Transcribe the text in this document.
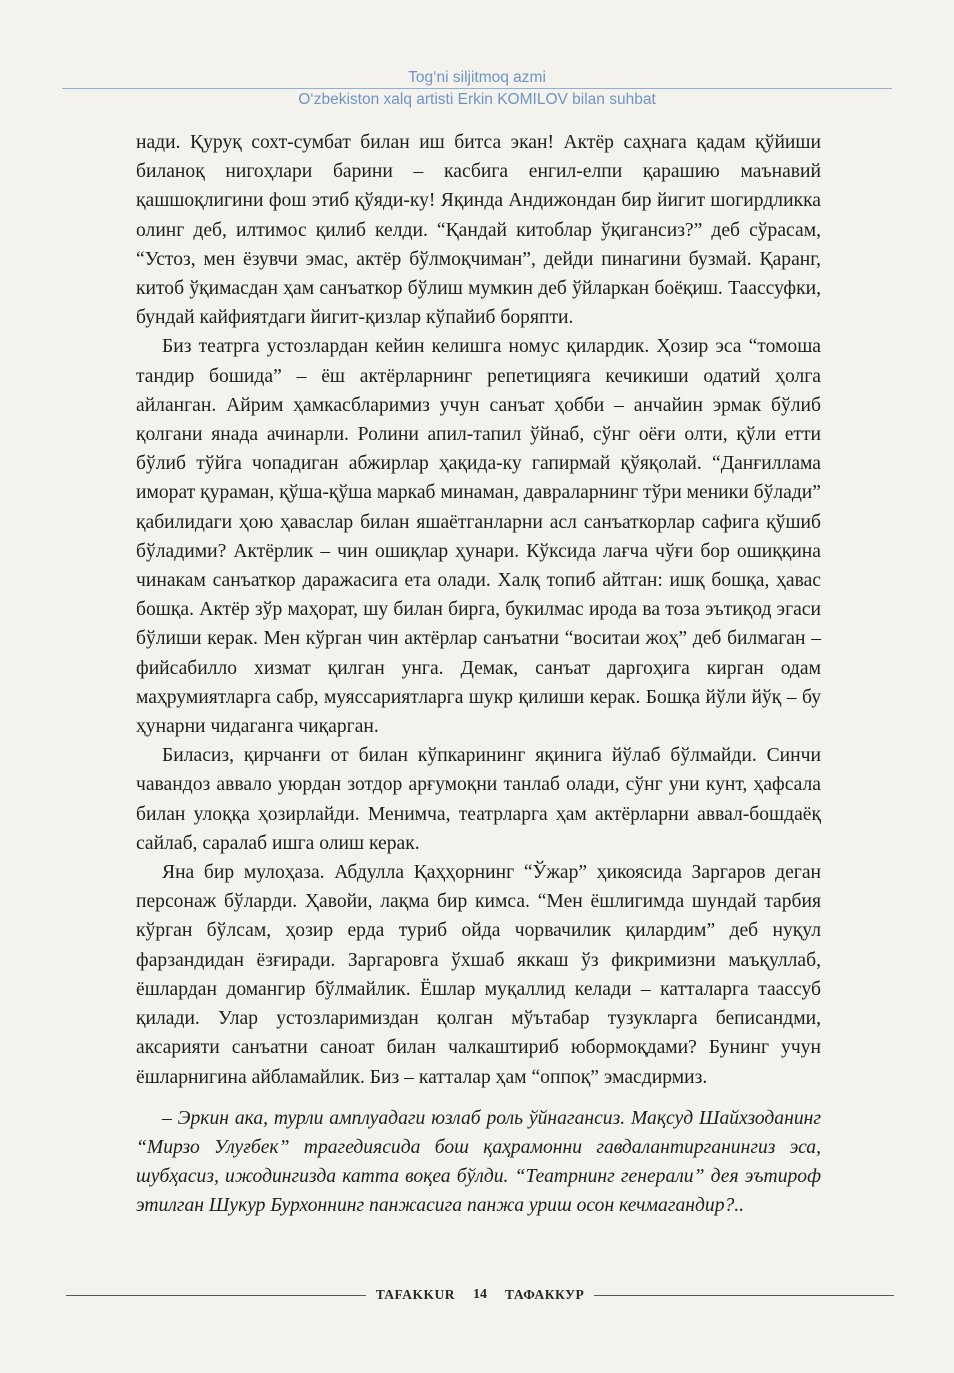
Tog‘ni siljitmoq azmi
O‘zbekiston xalq artisti Erkin KOMILOV bilan suhbat

нади. Қуруқ сохт-сумбат билан иш битса экан! Актёр саҳнага қадам қўйиши биланоқ нигоҳлари барини – касбига енгил-елпи қарашию маънавий қашшоқлигини фош этиб қўяди-ку! Яқинда Андижондан бир йигит шогирдликка олинг деб, илтимос қилиб келди. “Қандай китоблар ўқигансиз?” деб сўрасам, “Устоз, мен ёзувчи эмас, актёр бўлмоқчиман”, дейди пинагини бузмай. Қаранг, китоб ўқимасдан ҳам санъаткор бўлиш мумкин деб ўйларкан боёқиш. Таассуфки, бундай кайфиятдаги йигит-қизлар кўпайиб боряпти.

Биз театрга устозлардан кейин келишга номус қилардик. Ҳозир эса “томоша тандир бошида” – ёш актёрларнинг репетицияга кечикиши одатий ҳолга айланган. Айрим ҳамкасбларимиз учун санъат ҳобби – анчайин эрмак бўлиб қолгани янада ачинарли. Ролини апил-тапил ўйнаб, сўнг оёғи олти, қўли етти бўлиб тўйга чопадиган абжирлар ҳақида-ку гапирмай қўяқолай. “Данғиллама иморат қураман, қўша-қўша маркаб минаман, давраларнинг тўри меники бўлади” қабилидаги ҳою ҳаваслар билан яшаётганларни асл санъаткорлар сафига қўшиб бўладими? Актёрлик – чин ошиқлар ҳунари. Кўксида лағча чўғи бор ошиққина чинакам санъаткор даражасига ета олади. Халқ топиб айтган: ишқ бошқа, ҳавас бошқа. Актёр зўр маҳорат, шу билан бирга, букилмас ирода ва тоза эътиқод эгаси бўлиши керак. Мен кўрган чин актёрлар санъатни “воситаи жоҳ” деб билмаган – фийсабилло хизмат қилган унга. Демак, санъат даргоҳига кирган одам маҳрумиятларга сабр, муяссариятларга шукр қилиши керак. Бошқа йўли йўқ – бу ҳунарни чидаганга чиқарган.

Биласиз, қирчанғи от билан кўпкарининг яқинига йўлаб бўлмайди. Синчи чавандоз аввало уюрдан зотдор арғумоқни танлаб олади, сўнг уни кунт, ҳафсала билан улоққа ҳозирлайди. Менимча, театрларга ҳам актёрларни аввал-бошдаёқ сайлаб, саралаб ишга олиш керак.

Яна бир мулоҳаза. Абдулла Қаҳҳорнинг “Ўжар” ҳикоясида Заргаров деган персонаж бўларди. Ҳавойи, лақма бир кимса. “Мен ёшлигимда шундай тарбия кўрган бўлсам, ҳозир ерда туриб ойда чорвачилик қилардим” деб нуқул фарзандидан ёзғиради. Заргаровга ўхшаб яккаш ўз фикримизни маъқуллаб, ёшлардан домангир бўлмайлик. Ёшлар муқаллид келади – катталарга таассуб қилади. Улар устозларимиздан қолган мўътабар тузукларга беписандми, аксарияти санъатни саноат билан чалкаштириб юбормоқдами? Бунинг учун ёшларнигина айбламайлик. Биз – катталар ҳам “оппоқ” эмасдирмиз.

– Эркин ака, турли амплуадаги юзлаб роль ўйнагансиз. Мақсуд Шайхзоданинг “Мирзо Улуғбек” трагедиясида бош қаҳрамонни гавдалантирганингиз эса, шубҳасиз, ижодингизда катта воқеа бўлди. “Театрнинг генерали” дея эътироф этилган Шукур Бурхоннинг панжасига панжа уриш осон кечмагандир?..

TAFAKKUR	14	ТАФАККУР
